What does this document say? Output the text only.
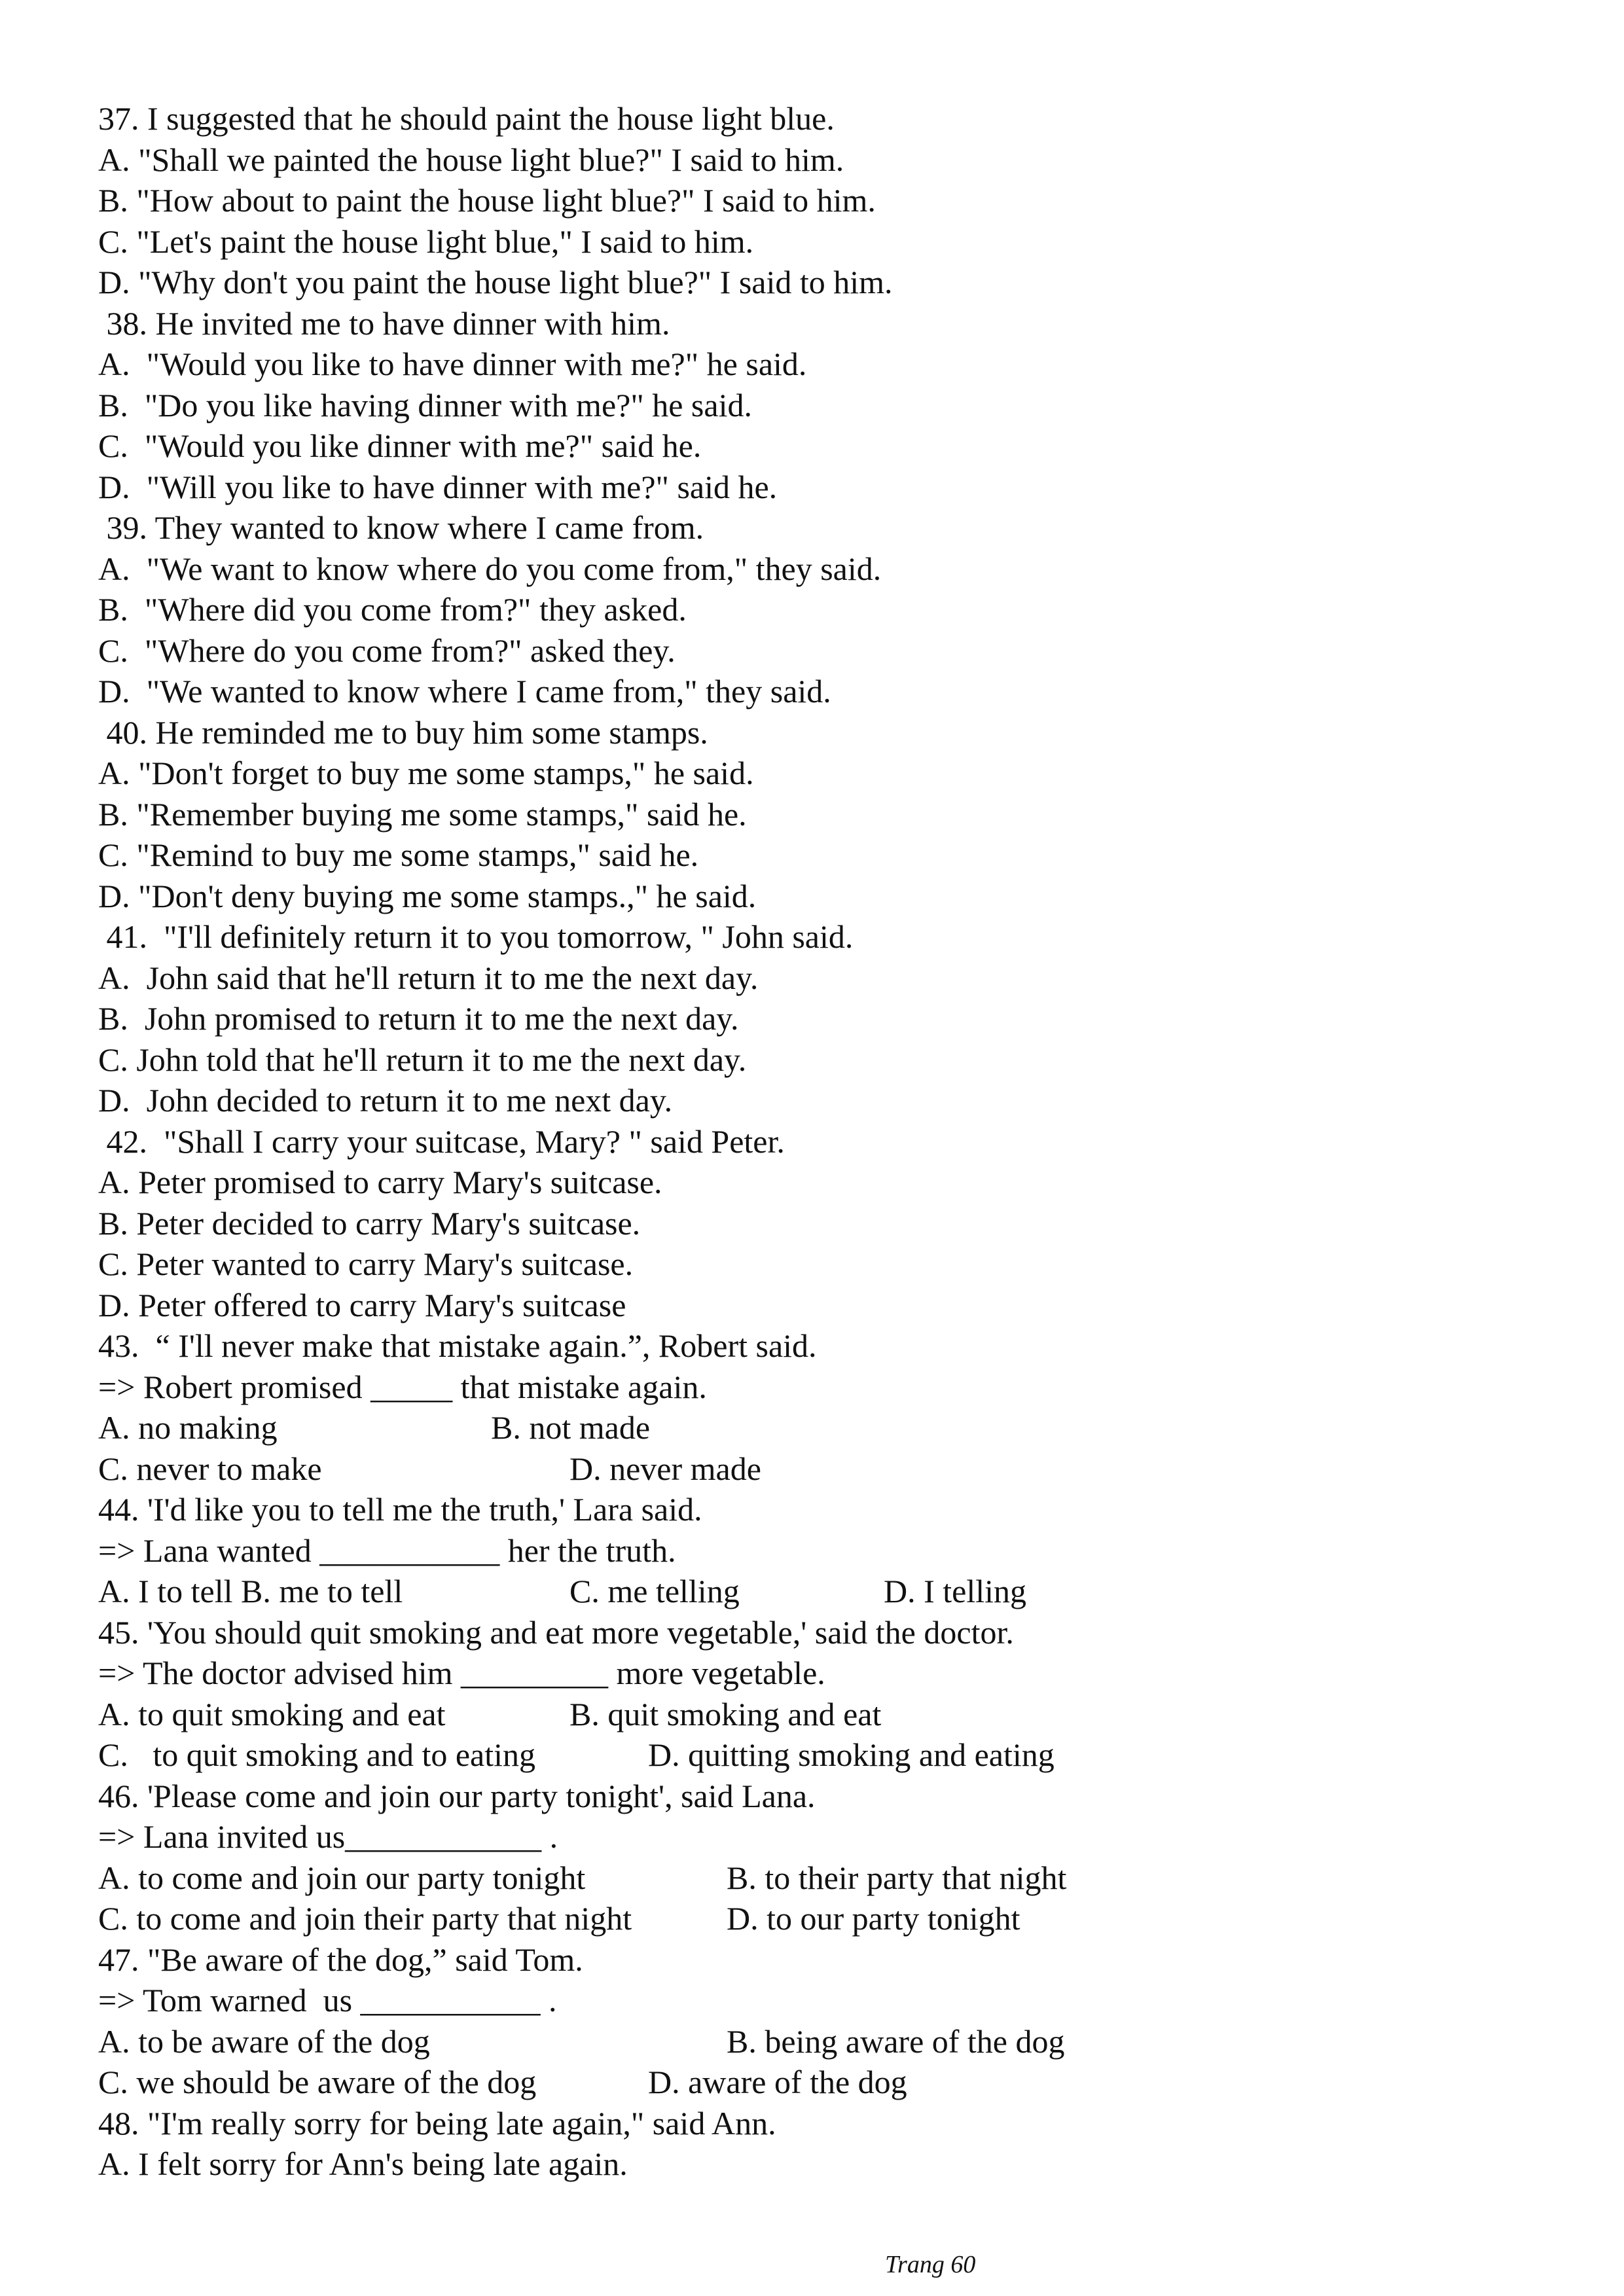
37. I suggested that he should paint the house light blue.
A. "Shall we painted the house light blue?" I said to him.
B. "How about to paint the house light blue?" I said to him.
C. "Let's paint the house light blue," I said to him.
D. "Why don't you paint the house light blue?" I said to him.
38. He invited me to have dinner with him.
A.  "Would you like to have dinner with me?" he said.
B.  "Do you like having dinner with me?" he said.
C.  "Would you like dinner with me?" said he.
D.  "Will you like to have dinner with me?" said he.
39. They wanted to know where I came from.
A.  "We want to know where do you come from," they said.
B.  "Where did you come from?" they asked.
C.  "Where do you come from?" asked they.
D.  "We wanted to know where I came from," they said.
40. He reminded me to buy him some stamps.
A. "Don't forget to buy me some stamps," he said.
B. "Remember buying me some stamps," said he.
C. "Remind to buy me some stamps," said he.
D. "Don't deny buying me some stamps.," he said.
41.  "I'll definitely return it to you tomorrow, " John said.
A.  John said that he'll return it to me the next day.
B.  John promised to return it to me the next day.
C. John told that he'll return it to me the next day.
D.  John decided to return it to me next day.
42.  "Shall I carry your suitcase, Mary? " said Peter.
A. Peter promised to carry Mary's suitcase.
B. Peter decided to carry Mary's suitcase.
C. Peter wanted to carry Mary's suitcase.
D. Peter offered to carry Mary's suitcase
43.  “ I'll never make that mistake again.”, Robert said.
=> Robert promised _____ that mistake again.
A. no making	B. not made
C. never to make	D. never made
44. 'I'd like you to tell me the truth,' Lara said.
=> Lana wanted ___________ her the truth.
A. I to tell B. me to tell	C. me telling	D. I telling
45. 'You should quit smoking and eat more vegetable,' said the doctor.
=> The doctor advised him _________ more vegetable.
A. to quit smoking and eat	B. quit smoking and eat
C.   to quit smoking and to eating	D. quitting smoking and eating
46. 'Please come and join our party tonight', said Lana.
=> Lana invited us____________ .
A. to come and join our party tonight	B. to their party that night
C. to come and join their party that night	D. to our party tonight
47. "Be aware of the dog,” said Tom.
=> Tom warned  us ___________ .
A. to be aware of the dog	B. being aware of the dog
C. we should be aware of the dog	D. aware of the dog
48. "I'm really sorry for being late again," said Ann.
A. I felt sorry for Ann's being late again.
Trang 60
